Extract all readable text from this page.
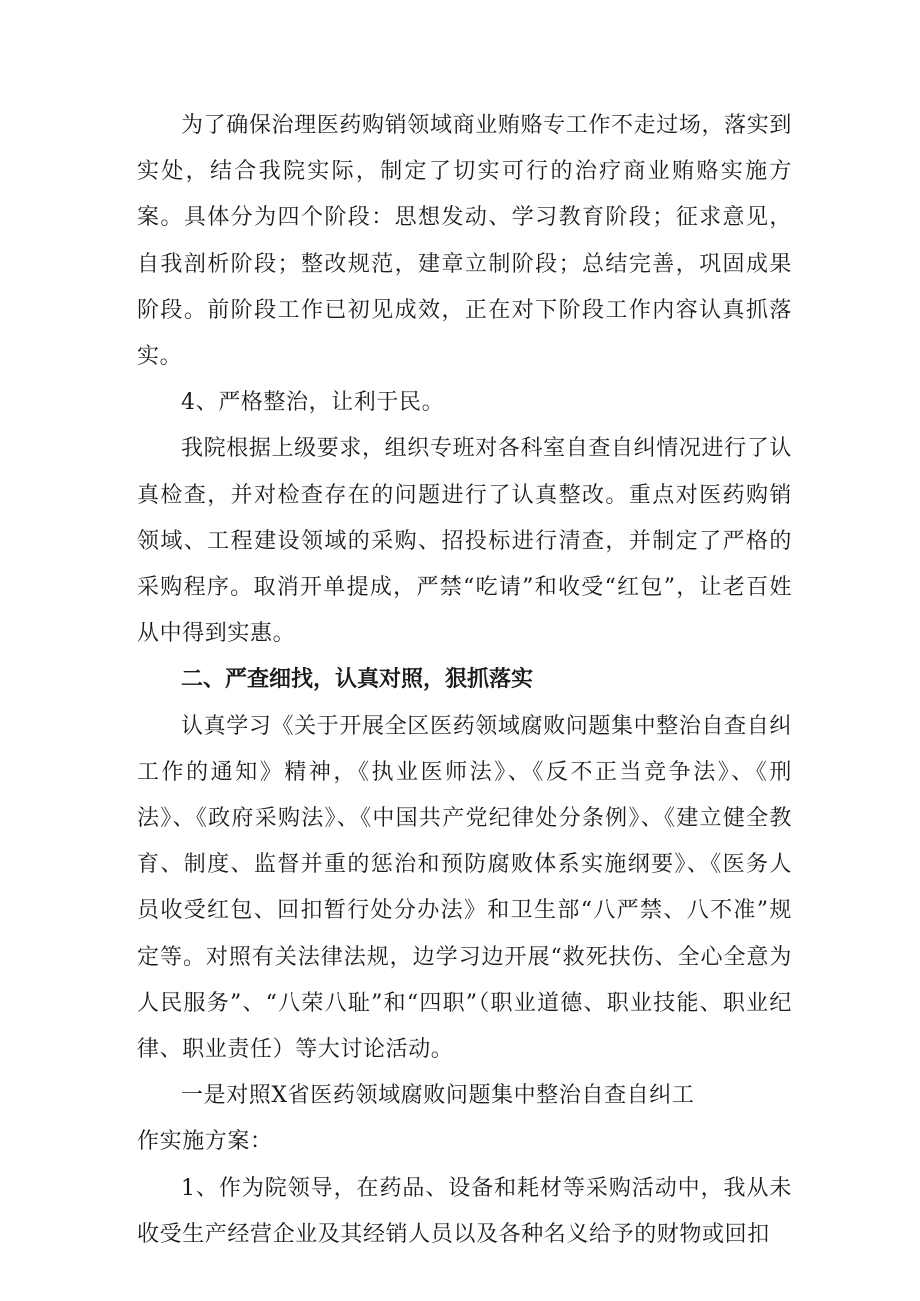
为了确保治理医药购销领域商业贿赂专工作不走过场，落实到实处，结合我院实际，制定了切实可行的治疗商业贿赂实施方案。具体分为四个阶段：思想发动、学习教育阶段；征求意见，自我剖析阶段；整改规范，建章立制阶段；总结完善，巩固成果阶段。前阶段工作已初见成效，正在对下阶段工作内容认真抓落实。

4、严格整治，让利于民。

我院根据上级要求，组织专班对各科室自查自纠情况进行了认真检查，并对检查存在的问题进行了认真整改。重点对医药购销领域、工程建设领域的采购、招投标进行清查，并制定了严格的采购程序。取消开单提成，严禁“吃请”和收受“红包”，让老百姓从中得到实惠。

二、严查细找，认真对照，狠抓落实

认真学习《关于开展全区医药领域腐败问题集中整治自查自纠工作的通知》精神，《执业医师法》、《反不正当竞争法》、《刑法》、《政府采购法》、《中国共产党纪律处分条例》、《建立健全教育、制度、监督并重的惩治和预防腐败体系实施纲要》、《医务人员收受红包、回扣暂行处分办法》和卫生部“八严禁、八不准”规定等。对照有关法律法规，边学习边开展“救死扶伤、全心全意为人民服务”、“八荣八耻”和“四职”（职业道德、职业技能、职业纪律、职业责任）等大讨论活动。

一是对照X省医药领域腐败问题集中整治自查自纠工
作实施方案：

1、作为院领导，在药品、设备和耗材等采购活动中，我从未收受生产经营企业及其经销人员以及各种名义给予的财物或回扣
